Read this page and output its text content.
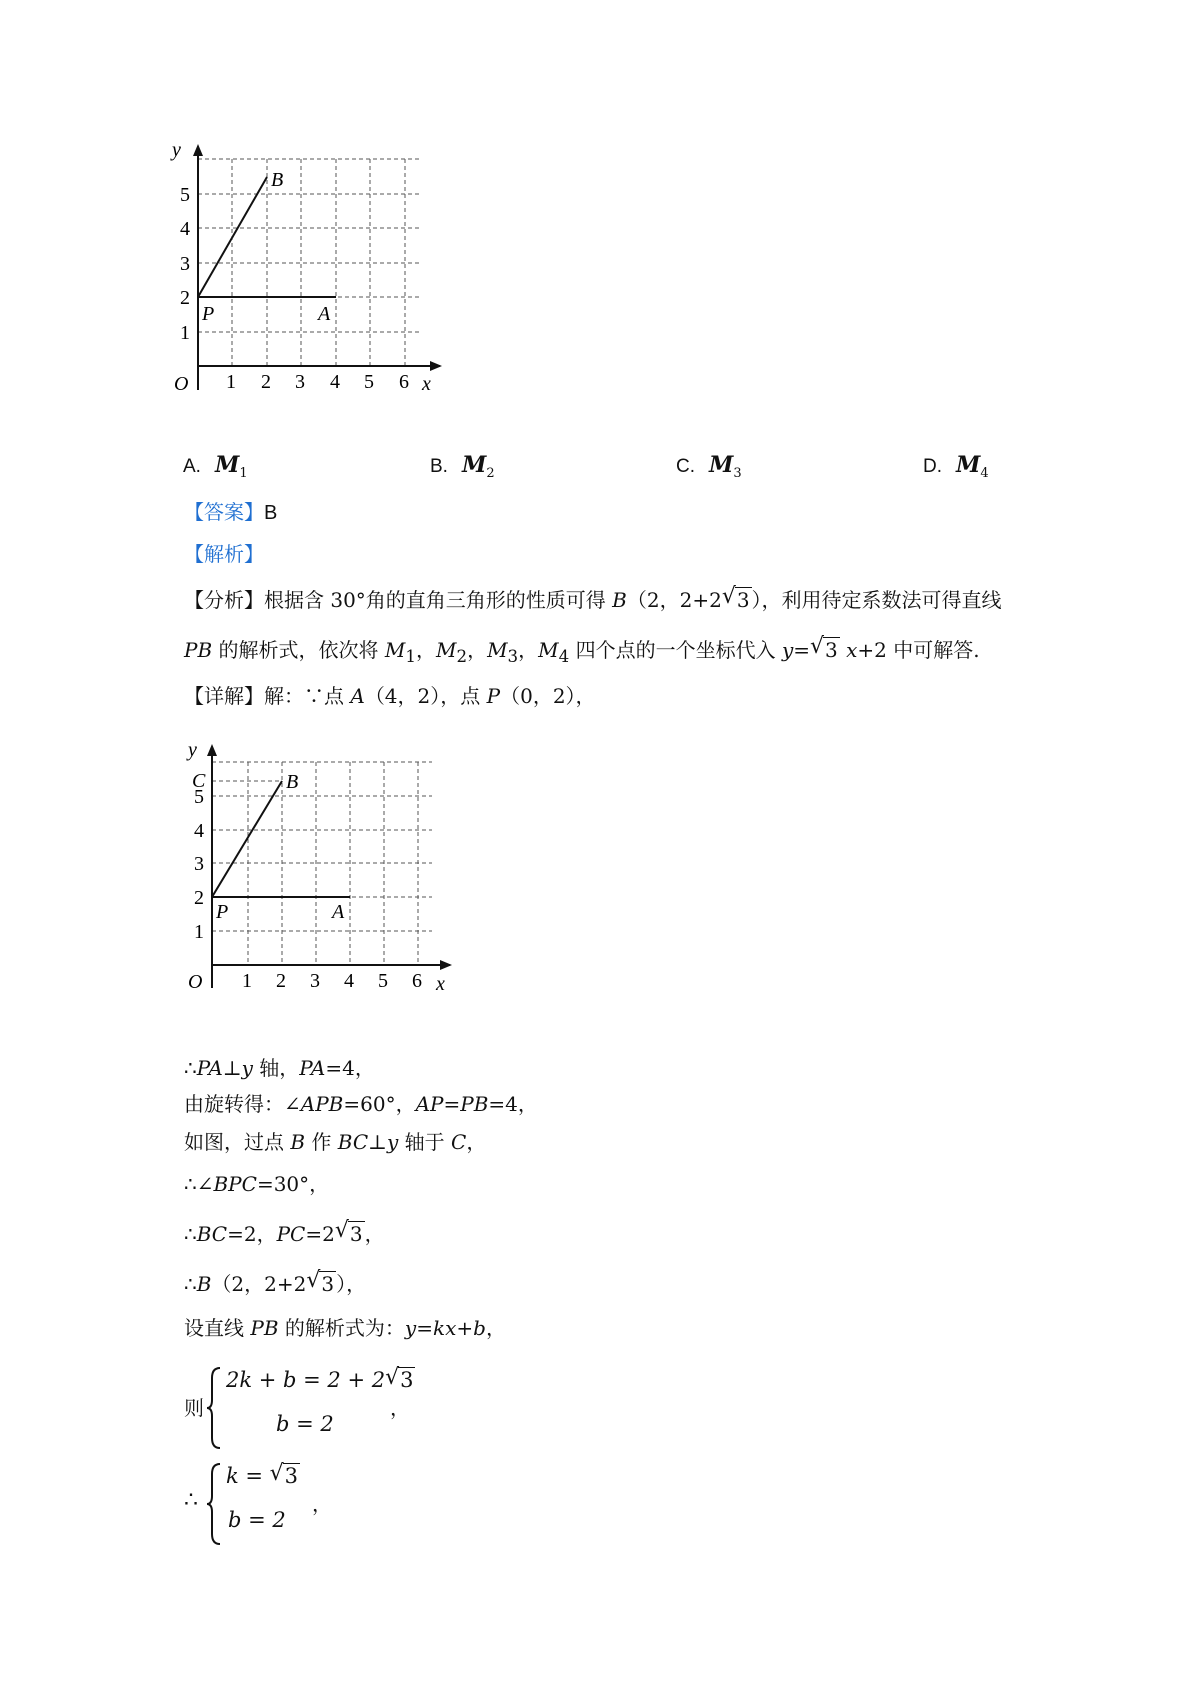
y
x
O 1 2 3 4 5 6
1
2
3
4
5
P	A
B
A. $M_1$	B. $M_2$	C. $M_3$	D. $M_4$
【答案】B
【解析】
【分析】根据含 30°角的直角三角形的性质可得 B（2，2+2 √ 3 ），利用待定系数法可得直线
PB 的解析式，依次将 $M_1$，$M_2$，$M_3$，$M_4$ 四个点的一个坐标代入 y= √ 3 x+2 中可解答.
【详解】解：∵点 A（4，2），点 P（0，2），
y
x
O 1 2 3 4 5 6
1
2
3
4
5
C
P	A
B
∴PA⊥y 轴，PA=4，
由旋转得：∠APB=60°，AP=PB=4，
如图，过点 B 作 BC⊥y 轴于 C，
∴∠BPC=30°，
∴BC=2，PC=2 √ 3 ，
∴B（2，2+2 √ 3 ），
设直线 PB 的解析式为：y=kx+b，
则
2k + b = 2 + 2 √ 3
b = 2
，
∴
k = √ 3
b = 2
，
